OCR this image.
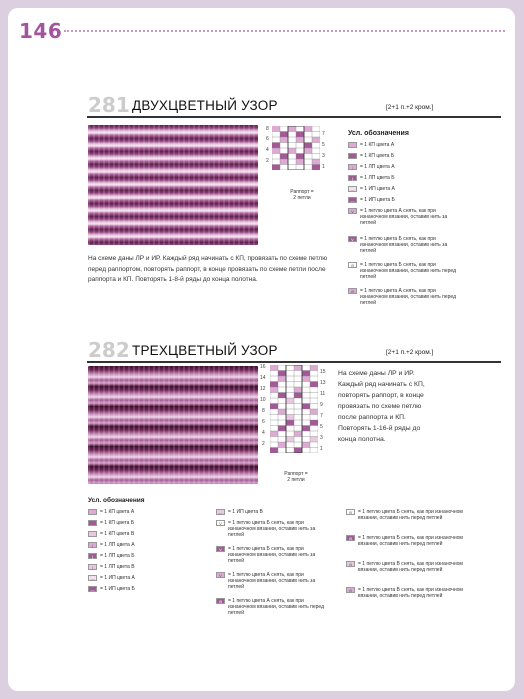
146
281 ДВУХЦВЕТНЫЙ УЗОР	[2+1 п.+2 кром.]
8
7
6
5
4
3
2
1
Раппорт =
2 петли
Усл. обозначения
= 1 КП цвета А
= 1 КП цвета Б
|	= 1 ЛП цвета А
|	= 1 ЛП цвета Б
—	= 1 ИП цвета А
—	= 1 ИП цвета Б
V	= 1 петлю цвета А снять, как при изнаночном вязании, оставив нить за петлей
V	= 1 петлю цвета Б снять, как при изнаночном вязании, оставив нить за петлей
Θ	= 1 петлю цвета Б снять, как при изнаночном вязании, оставив нить перед петлей
Θ	= 1 петлю цвета А снять, как при изнаночном вязании, оставив нить перед петлей
На схеме даны ЛР и ИР. Каждый ряд начинать с КП, провязать по схеме петлю перед раппортом, повторять раппорт, в конце провязать по схеме петли после раппорта и КП. Повторять 1-8-й ряды до конца полотна.
ТРЕХЦВЕТНЫЙ УЗОР
282	[2+1 п.+2 кром.]
16
15
14
13
12
11
10
9
8
7
6
5
4
3
2
1
Раппорт =
2 петли
На схеме даны ЛР и ИР.
Каждый ряд начинать с КП,
повторять раппорт, в конце
провязать по схеме петлю
после раппорта и КП.
Повторять 1-16-й ряды до
конца полотна.
Усл. обозначения
= 1 КП цвета А
= 1 КП цвета Б
= 1 КП цвета В
|	= 1 ЛП цвета А
|	= 1 ЛП цвета Б
|	= 1 ЛП цвета В
—	= 1 ИП цвета А
—	= 1 ИП цвета Б
—	= 1 ИП цвета В
V	= 1 петлю цвета Б снять, как при изнаночном вязании, оставив нить за петлей
V	= 1 петлю цвета Б снять, как при изнаночном вязании, оставив нить за петлей
V	= 1 петлю цвета А снять, как при изнаночном вязании, оставив нить за петлей
Θ	= 1 петлю цвета А снять, как при изнаночном вязании, оставив нить перед петлей
Θ	= 1 петлю цвета Б снять, как при изнаночном вязании, оставив нить перед петлей
Θ	= 1 петлю цвета Б снять, как при изнаночном вязании, оставив нить перед петлей
Θ	= 1 петлю цвета В снять, как при изнаночном вязании, оставив нить перед петлей
Θ	= 1 петлю цвета В снять, как при изнаночном вязании, оставив нить перед петлей
